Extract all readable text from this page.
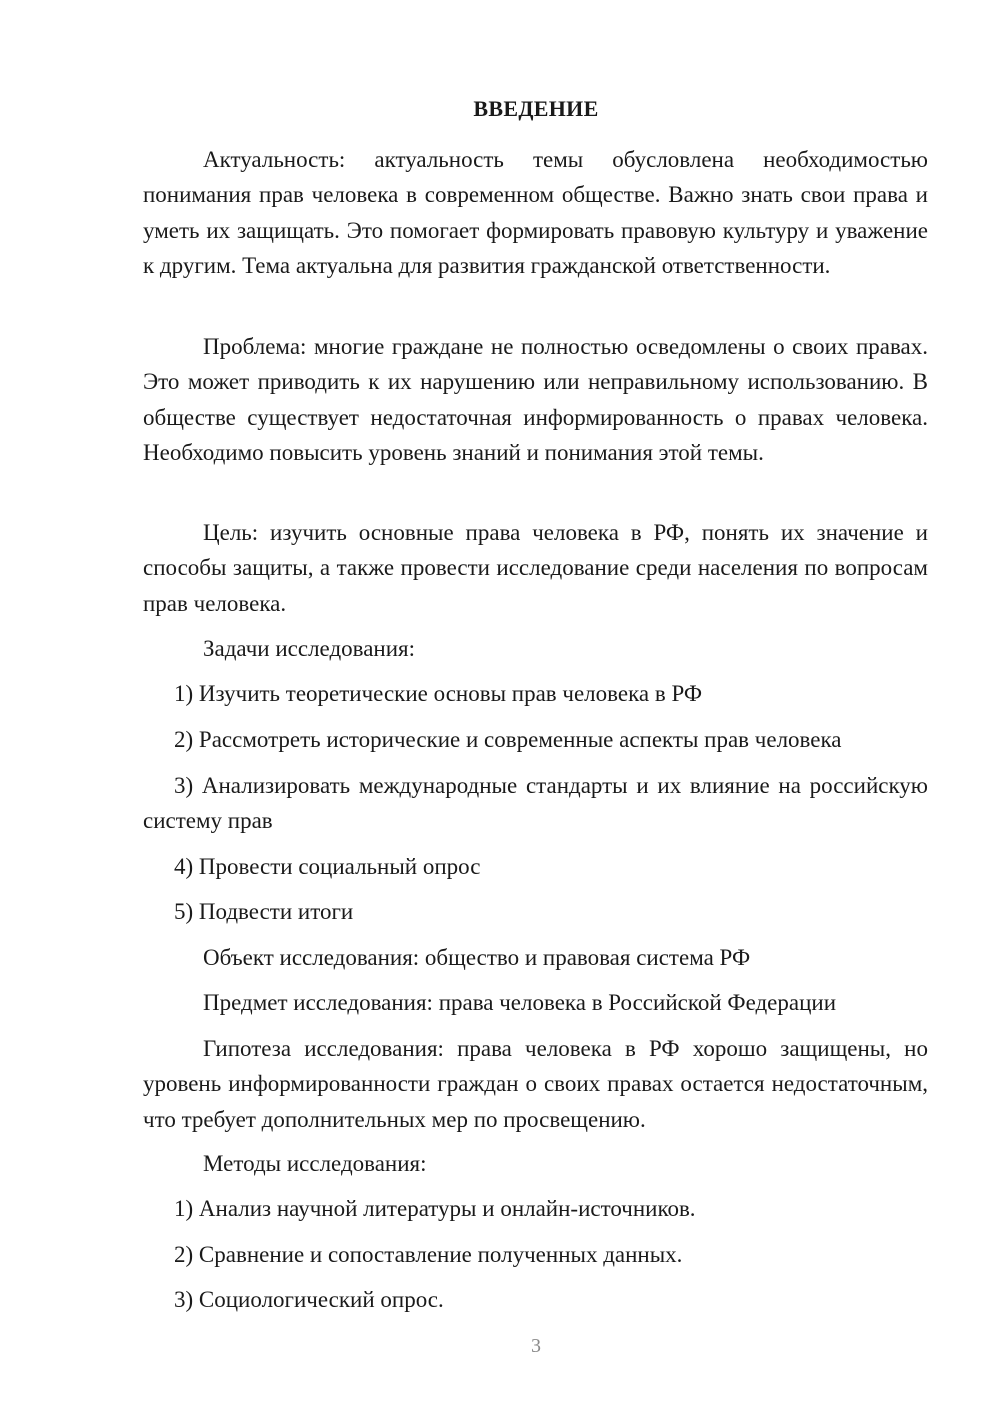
ВВЕДЕНИЕ

Актуальность: актуальность темы обусловлена необходимостью понимания прав человека в современном обществе. Важно знать свои права и уметь их защищать. Это помогает формировать правовую культуру и уважение к другим. Тема актуальна для развития гражданской ответственности.

Проблема: многие граждане не полностью осведомлены о своих правах. Это может приводить к их нарушению или неправильному использованию. В обществе существует недостаточная информированность о правах человека. Необходимо повысить уровень знаний и понимания этой темы.

Цель: изучить основные права человека в РФ, понять их значение и способы защиты, а также провести исследование среди населения по вопросам прав человека.

Задачи исследования:

1) Изучить теоретические основы прав человека в РФ

2) Рассмотреть исторические и современные аспекты прав человека

3) Анализировать международные стандарты и их влияние на российскую систему прав

4) Провести социальный опрос

5) Подвести итоги

Объект исследования: общество и правовая система РФ

Предмет исследования: права человека в Российской Федерации

Гипотеза исследования: права человека в РФ хорошо защищены, но уровень информированности граждан о своих правах остается недостаточным, что требует дополнительных мер по просвещению.

Методы исследования:

1) Анализ научной литературы и онлайн-источников.

2) Сравнение и сопоставление полученных данных.

3) Социологический опрос.

3
